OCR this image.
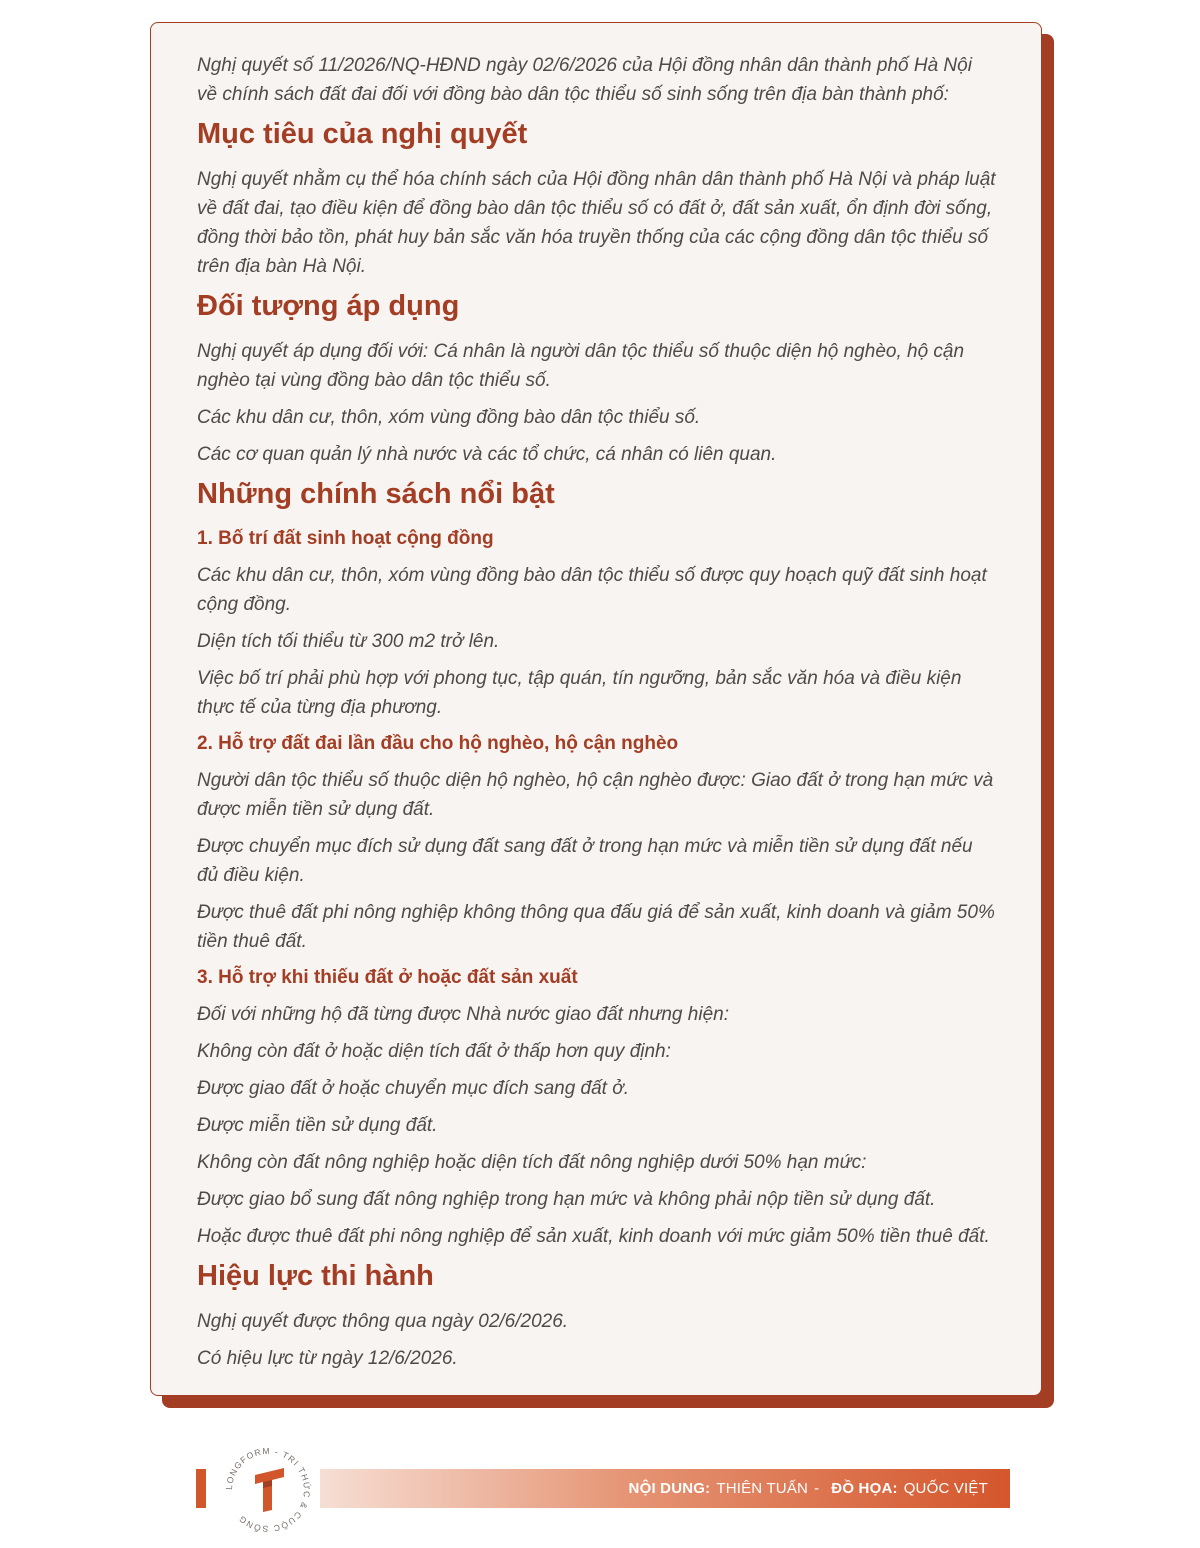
Nghị quyết số 11/2026/NQ-HĐND ngày 02/6/2026 của Hội đồng nhân dân thành phố Hà Nội về chính sách đất đai đối với đồng bào dân tộc thiểu số sinh sống trên địa bàn thành phố:

Mục tiêu của nghị quyết

Nghị quyết nhằm cụ thể hóa chính sách của Hội đồng nhân dân thành phố Hà Nội và pháp luật về đất đai, tạo điều kiện để đồng bào dân tộc thiểu số có đất ở, đất sản xuất, ổn định đời sống, đồng thời bảo tồn, phát huy bản sắc văn hóa truyền thống của các cộng đồng dân tộc thiểu số trên địa bàn Hà Nội.

Đối tượng áp dụng

Nghị quyết áp dụng đối với: Cá nhân là người dân tộc thiểu số thuộc diện hộ nghèo, hộ cận nghèo tại vùng đồng bào dân tộc thiểu số.

Các khu dân cư, thôn, xóm vùng đồng bào dân tộc thiểu số.

Các cơ quan quản lý nhà nước và các tổ chức, cá nhân có liên quan.

Những chính sách nổi bật
1. Bố trí đất sinh hoạt cộng đồng

Các khu dân cư, thôn, xóm vùng đồng bào dân tộc thiểu số được quy hoạch quỹ đất sinh hoạt cộng đồng.

Diện tích tối thiểu từ 300 m2 trở lên.

Việc bố trí phải phù hợp với phong tục, tập quán, tín ngưỡng, bản sắc văn hóa và điều kiện thực tế của từng địa phương.

2. Hỗ trợ đất đai lần đầu cho hộ nghèo, hộ cận nghèo

Người dân tộc thiểu số thuộc diện hộ nghèo, hộ cận nghèo được: Giao đất ở trong hạn mức và được miễn tiền sử dụng đất.

Được chuyển mục đích sử dụng đất sang đất ở trong hạn mức và miễn tiền sử dụng đất nếu đủ điều kiện.

Được thuê đất phi nông nghiệp không thông qua đấu giá để sản xuất, kinh doanh và giảm 50% tiền thuê đất.

3. Hỗ trợ khi thiếu đất ở hoặc đất sản xuất

Đối với những hộ đã từng được Nhà nước giao đất nhưng hiện:

Không còn đất ở hoặc diện tích đất ở thấp hơn quy định:

Được giao đất ở hoặc chuyển mục đích sang đất ở.

Được miễn tiền sử dụng đất.

Không còn đất nông nghiệp hoặc diện tích đất nông nghiệp dưới 50% hạn mức:

Được giao bổ sung đất nông nghiệp trong hạn mức và không phải nộp tiền sử dụng đất.

Hoặc được thuê đất phi nông nghiệp để sản xuất, kinh doanh với mức giảm 50% tiền thuê đất.

Hiệu lực thi hành

Nghị quyết được thông qua ngày 02/6/2026.

Có hiệu lực từ ngày 12/6/2026.

LONGFORM - TRI THỨC & CUỘC SỐNG
NỘI DUNG: THIÊN TUẤN - ĐỒ HỌA: QUỐC VIỆT
